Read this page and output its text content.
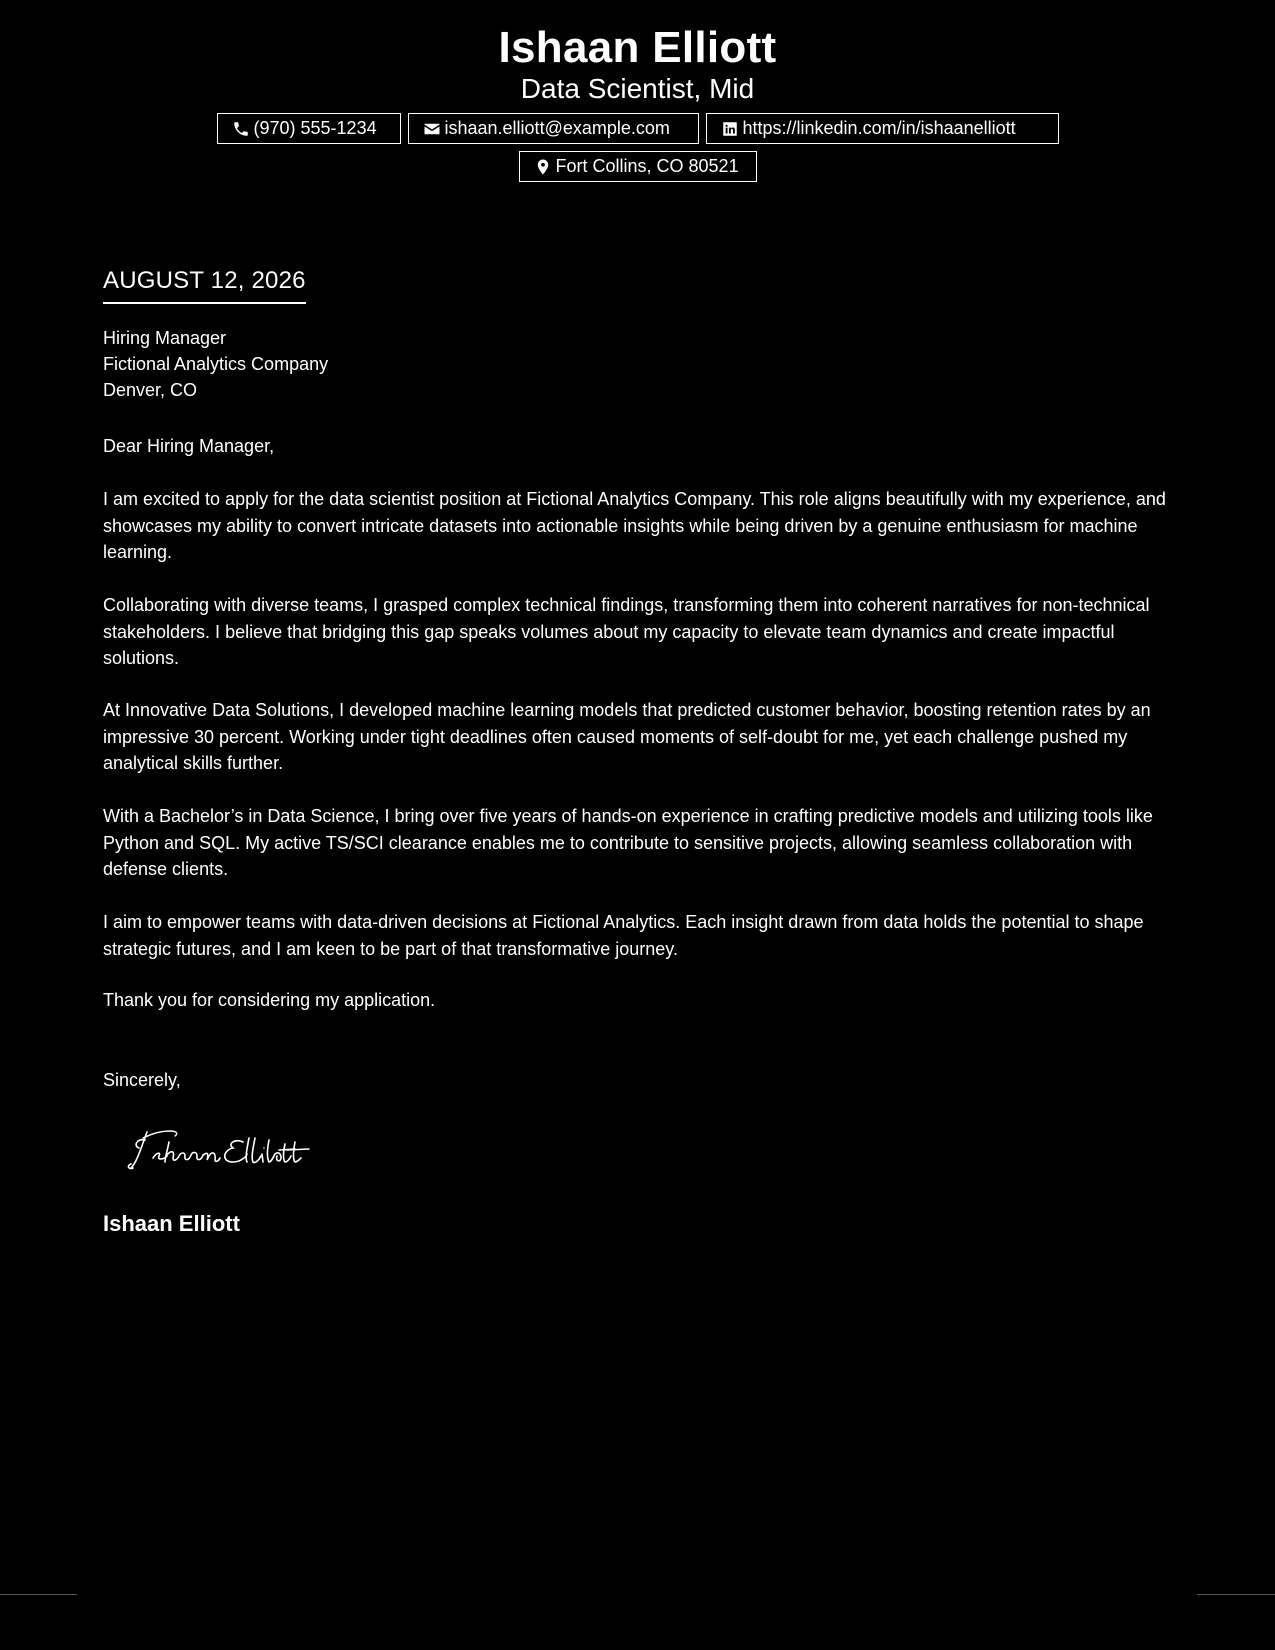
Ishaan Elliott
Data Scientist, Mid
(970) 555-1234	ishaan.elliott@example.com	https://linkedin.com/in/ishaanelliott
Fort Collins, CO 80521
AUGUST 12, 2026
Hiring Manager
Fictional Analytics Company
Denver, CO
Dear Hiring Manager,

I am excited to apply for the data scientist position at Fictional Analytics Company. This role aligns beautifully with my experience, and showcases my ability to convert intricate datasets into actionable insights while being driven by a genuine enthusiasm for machine learning.

Collaborating with diverse teams, I grasped complex technical findings, transforming them into coherent narratives for non-technical stakeholders. I believe that bridging this gap speaks volumes about my capacity to elevate team dynamics and create impactful solutions.

At Innovative Data Solutions, I developed machine learning models that predicted customer behavior, boosting retention rates by an impressive 30 percent. Working under tight deadlines often caused moments of self-doubt for me, yet each challenge pushed my analytical skills further.

With a Bachelor’s in Data Science, I bring over five years of hands-on experience in crafting predictive models and utilizing tools like Python and SQL. My active TS/SCI clearance enables me to contribute to sensitive projects, allowing seamless collaboration with defense clients.

I aim to empower teams with data-driven decisions at Fictional Analytics. Each insight drawn from data holds the potential to shape strategic futures, and I am keen to be part of that transformative journey.

Thank you for considering my application.
Sincerely,
Ishaan Elliott
